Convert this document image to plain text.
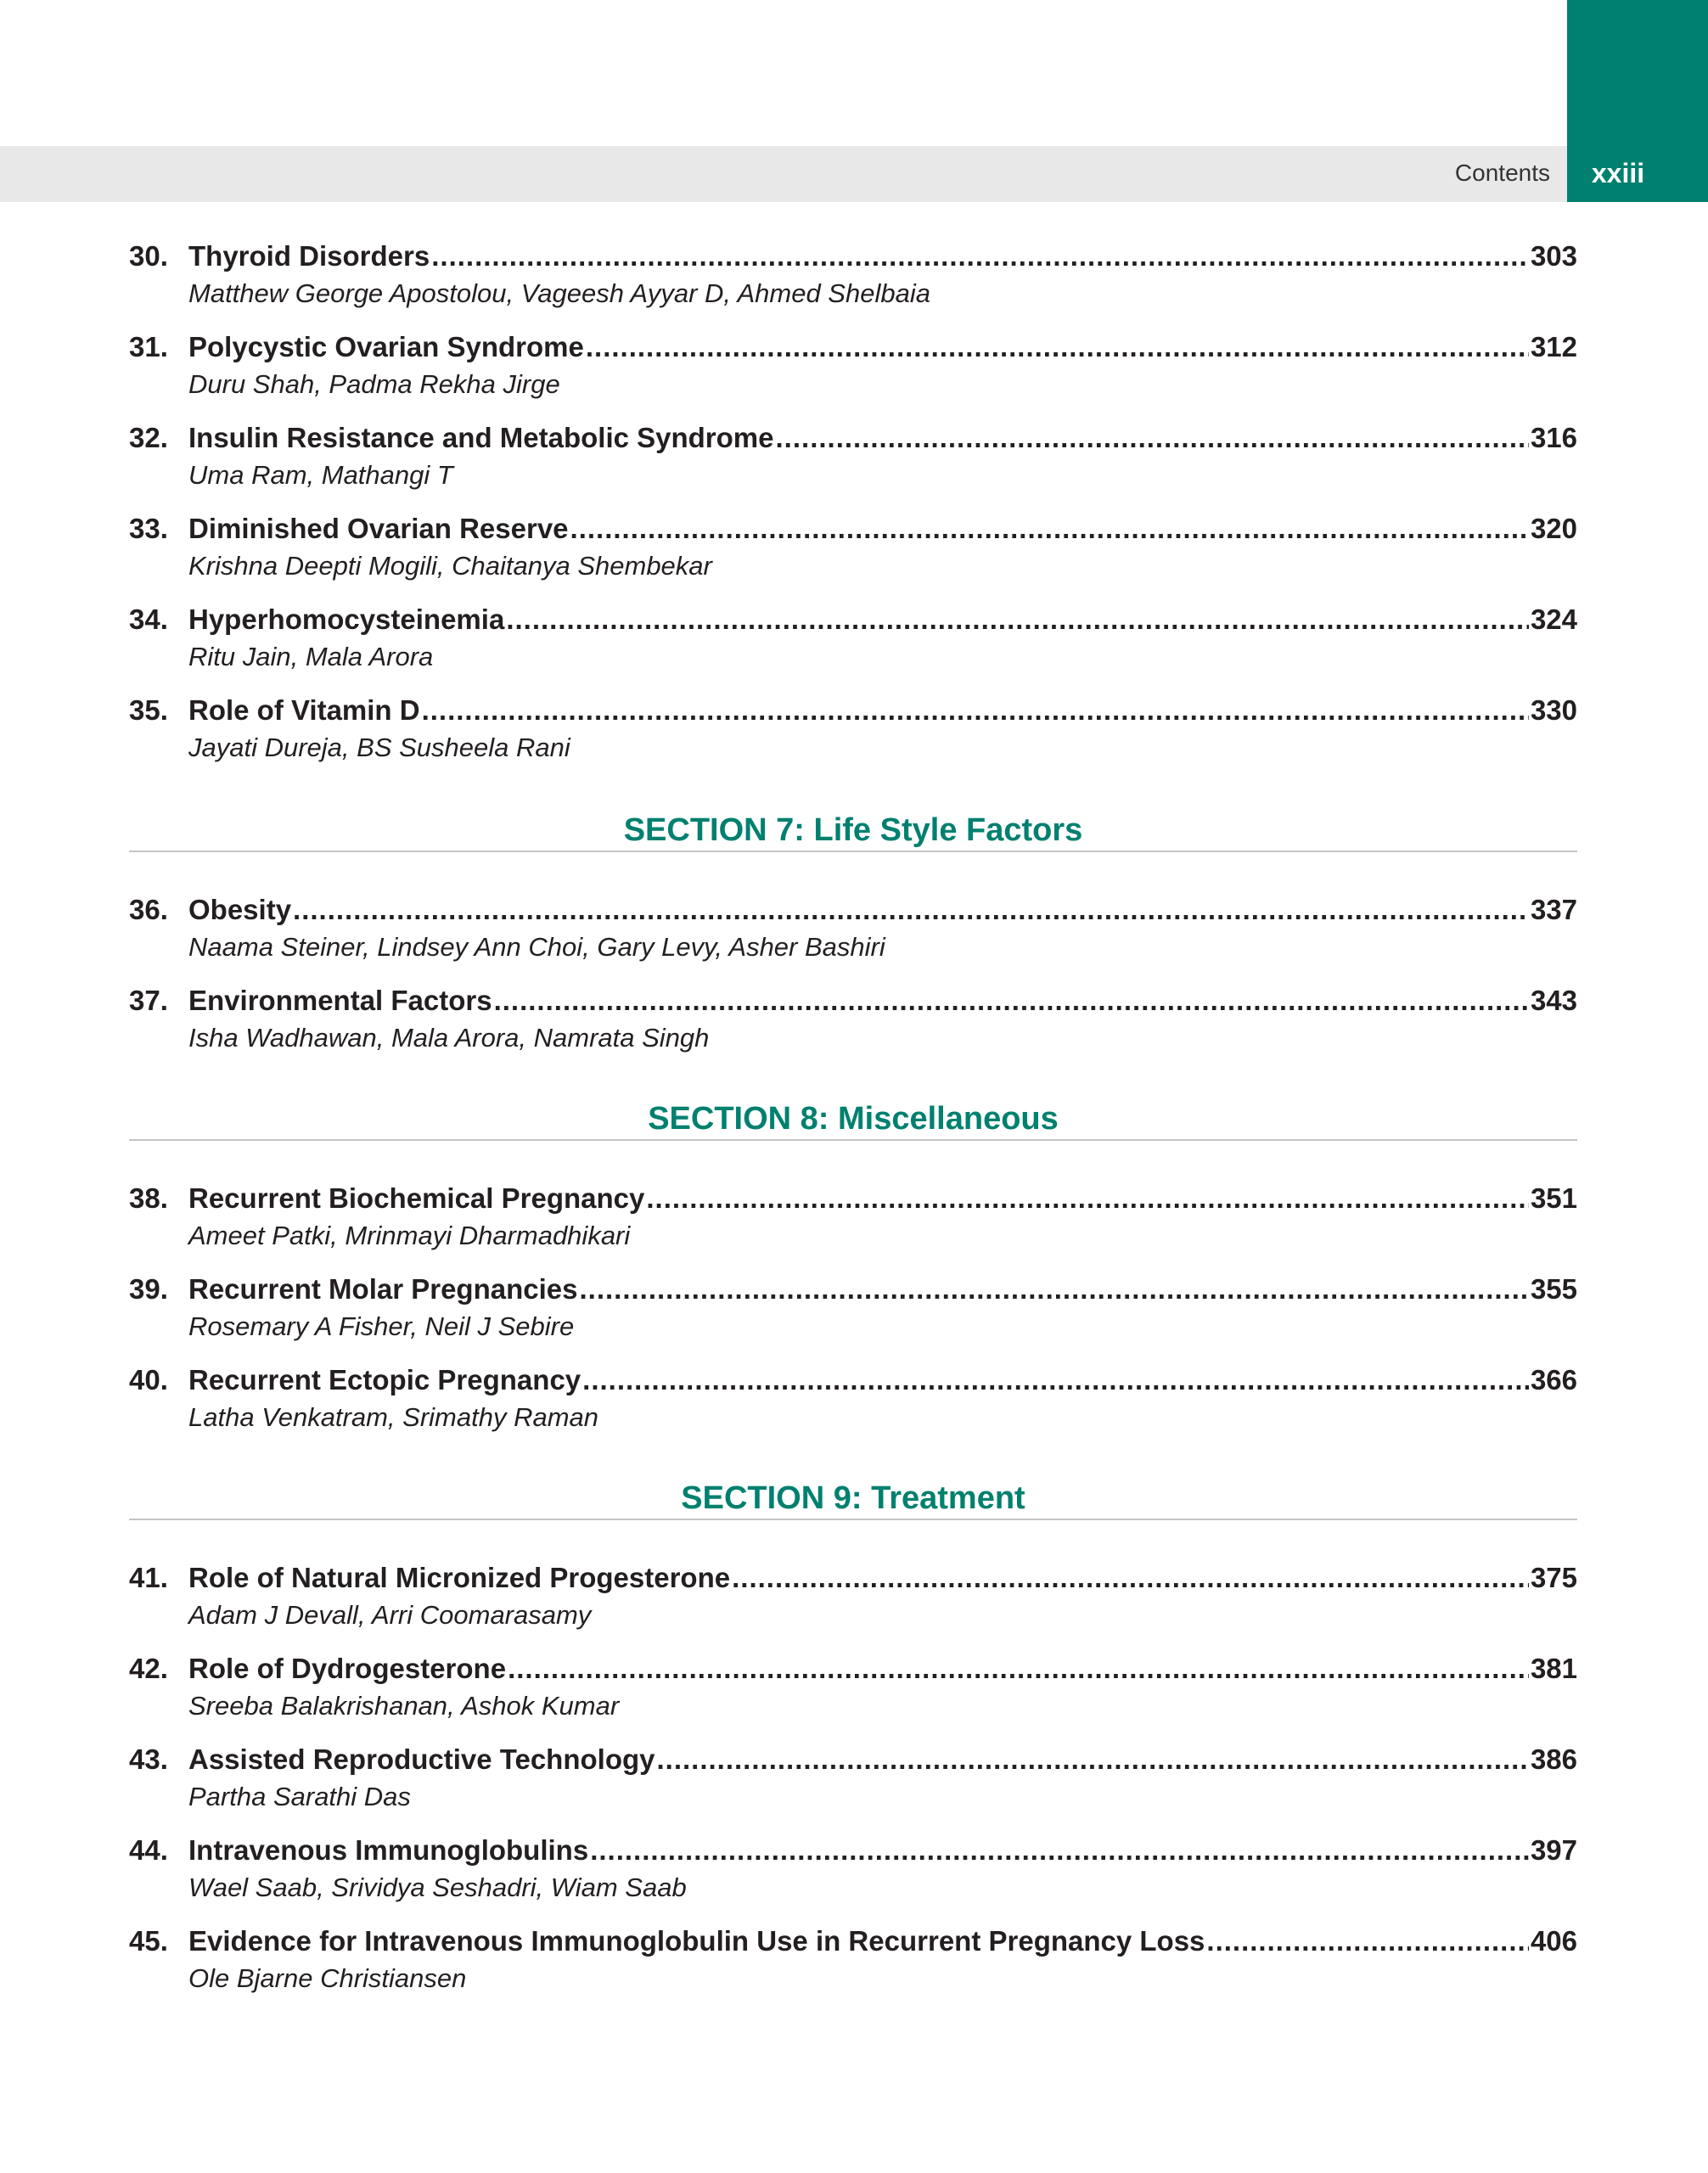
Contents	xxiii
30. Thyroid Disorders .....	303
Matthew George Apostolou, Vageesh Ayyar D, Ahmed Shelbaia
31. Polycystic Ovarian Syndrome .....	312
Duru Shah, Padma Rekha Jirge
32. Insulin Resistance and Metabolic Syndrome .....	316
Uma Ram, Mathangi T
33. Diminished Ovarian Reserve .....	320
Krishna Deepti Mogili, Chaitanya Shembekar
34. Hyperhomocysteinemia .....	324
Ritu Jain, Mala Arora
35. Role of Vitamin D .....	330
Jayati Dureja, BS Susheela Rani
SECTION 7: Life Style Factors
36. Obesity .....	337
Naama Steiner, Lindsey Ann Choi, Gary Levy, Asher Bashiri
37. Environmental Factors .....	343
Isha Wadhawan, Mala Arora, Namrata Singh
SECTION 8: Miscellaneous
38. Recurrent Biochemical Pregnancy .....	351
Ameet Patki, Mrinmayi Dharmadhikari
39. Recurrent Molar Pregnancies .....	355
Rosemary A Fisher, Neil J Sebire
40. Recurrent Ectopic Pregnancy .....	366
Latha Venkatram, Srimathy Raman
SECTION 9: Treatment
41. Role of Natural Micronized Progesterone .....	375
Adam J Devall, Arri Coomarasamy
42. Role of Dydrogesterone .....	381
Sreeba Balakrishanan, Ashok Kumar
43. Assisted Reproductive Technology .....	386
Partha Sarathi Das
44. Intravenous Immunoglobulins .....	397
Wael Saab, Srividya Seshadri, Wiam Saab
45. Evidence for Intravenous Immunoglobulin Use in Recurrent Pregnancy Loss .....	406
Ole Bjarne Christiansen
